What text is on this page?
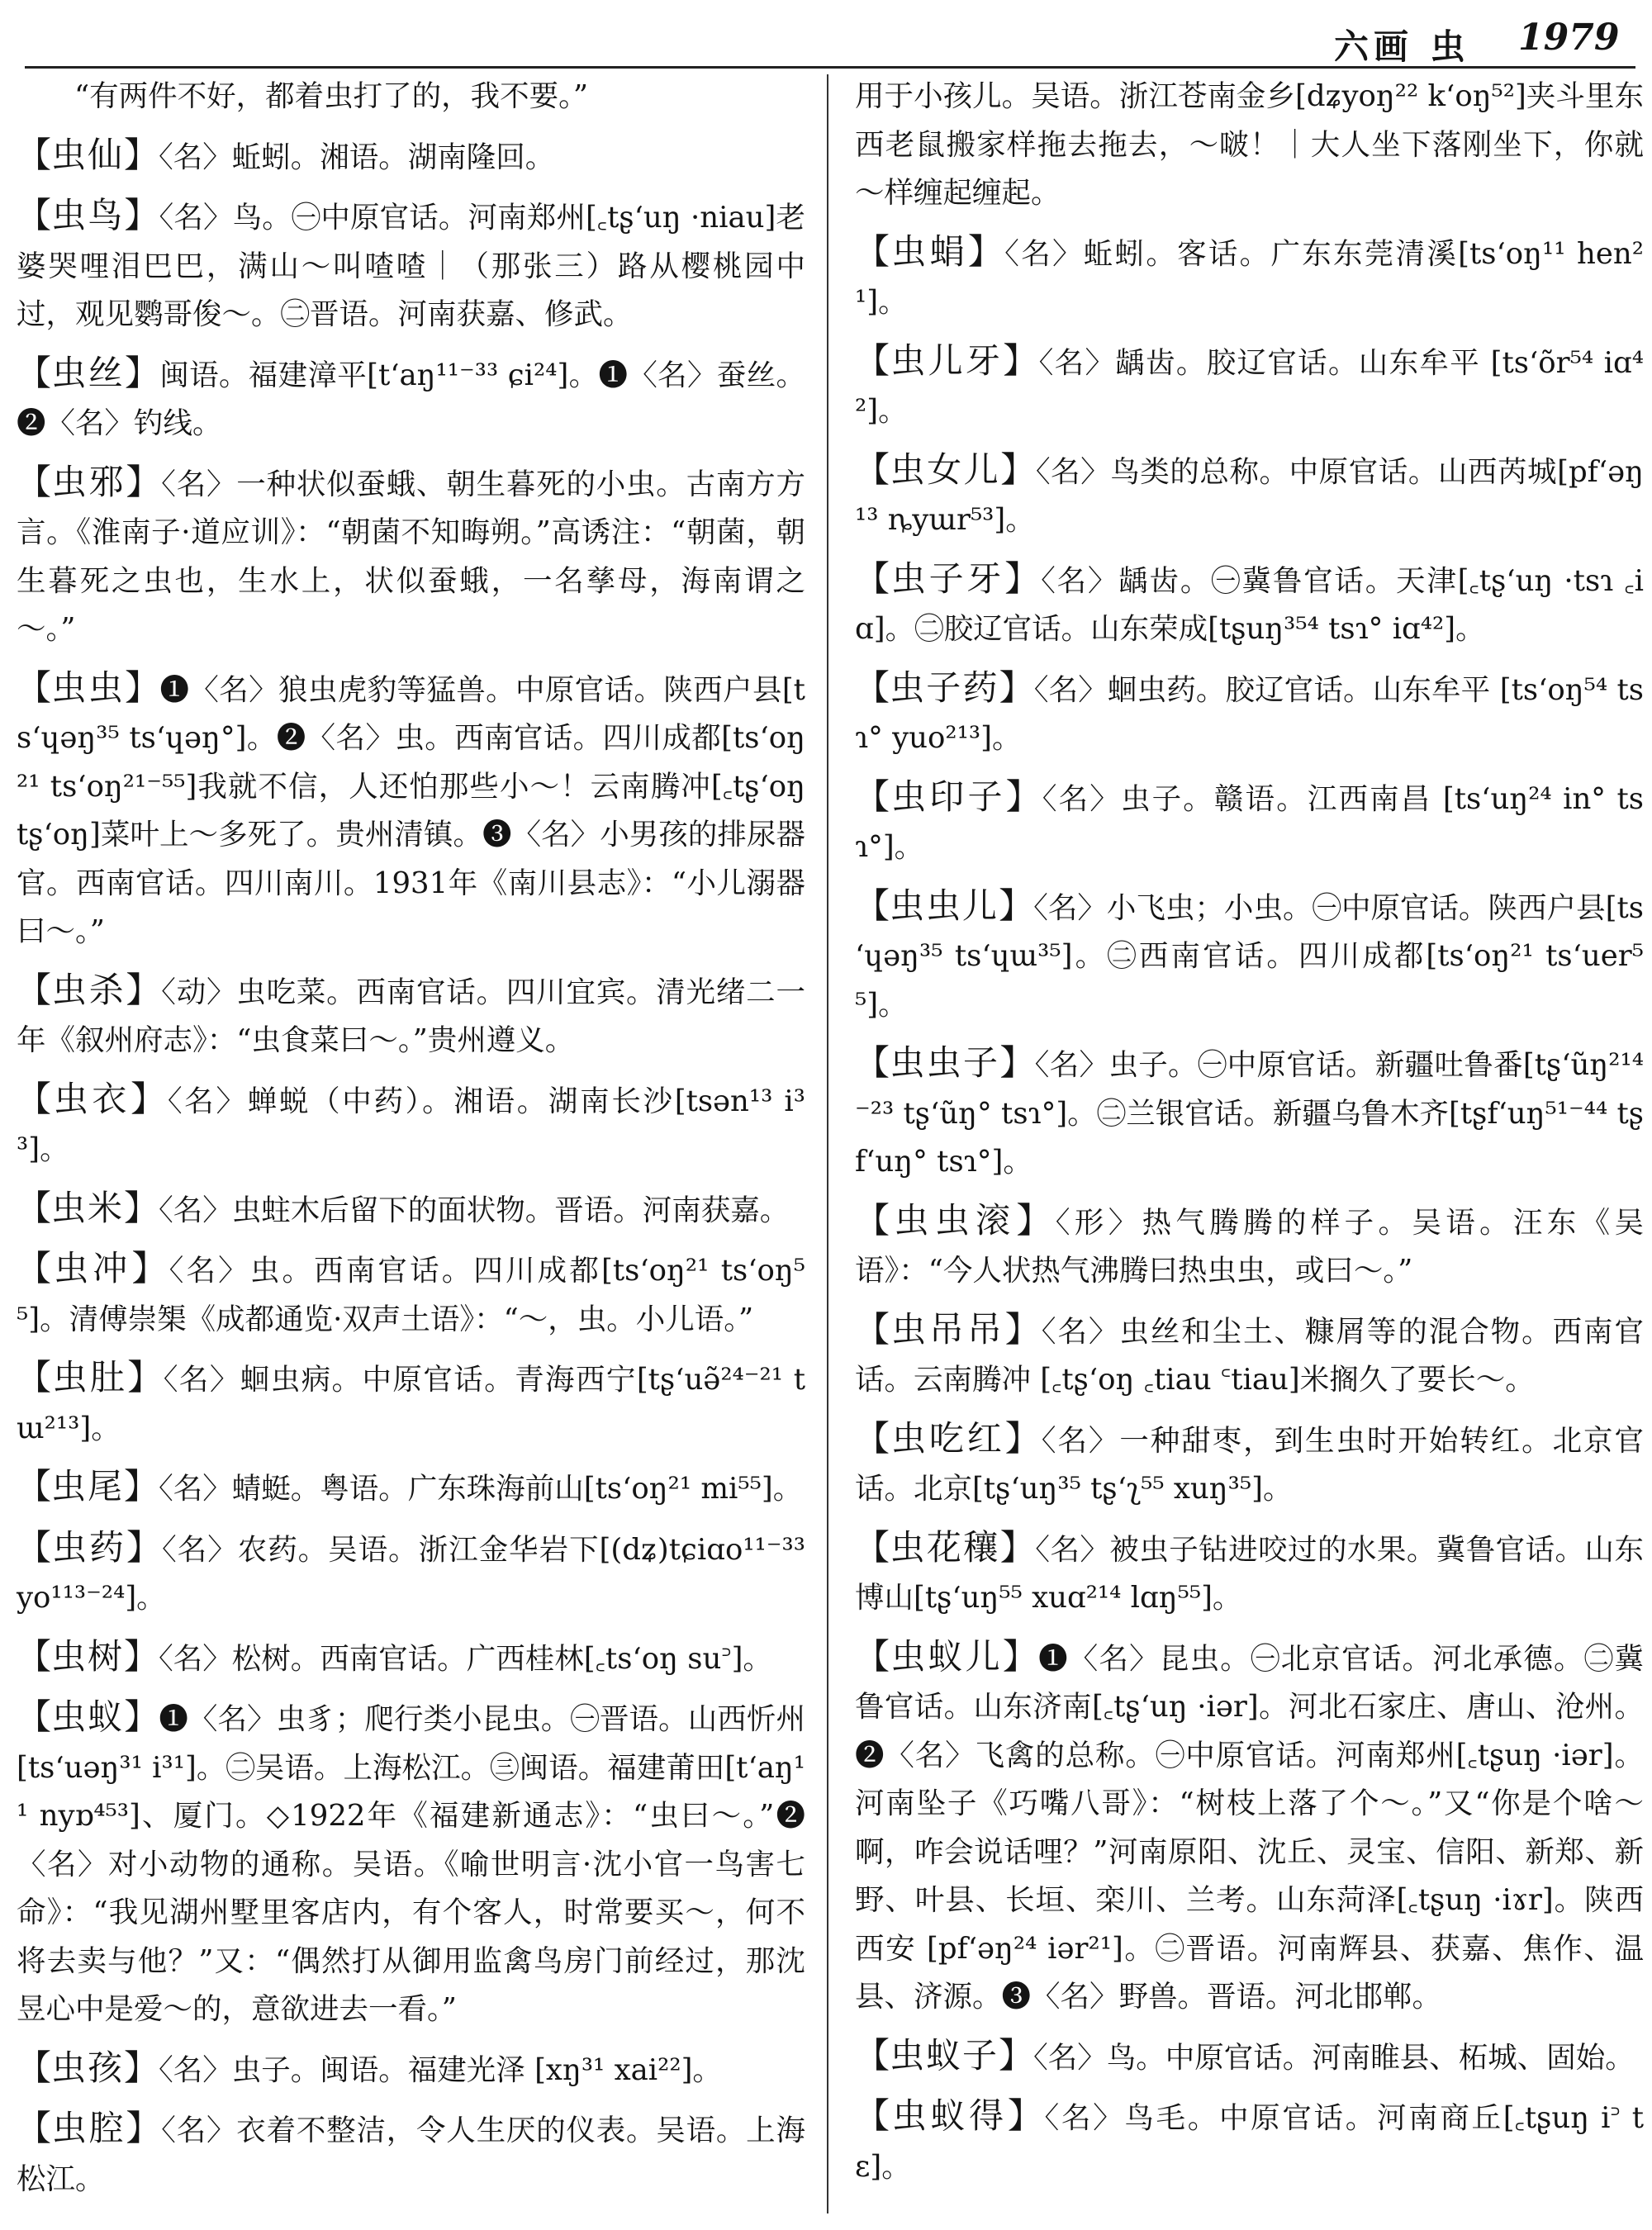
六画 虫 1979

“有两件不好，都着虫打了的，我不要。”

【虫仙】〈名〉蚯蚓。湘语。湖南隆回。

【虫鸟】〈名〉鸟。㊀中原官话。河南郑州[꜀tʂʻuŋ ·niau]老婆哭哩泪巴巴，满山～叫喳喳｜（那张三）路从樱桃园中过，观见鹦哥俊～。㊁晋语。河南获嘉、修武。

【虫丝】闽语。福建漳平[tʻaŋ¹¹⁻³³ ɕi²⁴]。❶〈名〉蚕丝。❷〈名〉钓线。

【虫邪】〈名〉一种状似蚕蛾、朝生暮死的小虫。古南方方言。《淮南子·道应训》：“朝菌不知晦朔。”高诱注：“朝菌，朝生暮死之虫也，生水上，状似蚕蛾，一名孳母，海南谓之～。”

【虫虫】❶〈名〉狼虫虎豹等猛兽。中原官话。陕西户县[tsʻɥəŋ³⁵ tsʻɥəŋ°]。❷〈名〉虫。西南官话。四川成都[tsʻoŋ²¹ tsʻoŋ²¹⁻⁵⁵]我就不信，人还怕那些小～！云南腾冲[꜀tʂʻoŋ tʂʻoŋ]菜叶上～多死了。贵州清镇。❸〈名〉小男孩的排尿器官。西南官话。四川南川。1931年《南川县志》：“小儿溺器曰～。”

【虫杀】〈动〉虫吃菜。西南官话。四川宜宾。清光绪二一年《叙州府志》：“虫食菜曰～。”贵州遵义。

【虫衣】〈名〉蝉蜕（中药）。湘语。湖南长沙[tsən¹³ i³³]。

【虫米】〈名〉虫蛀木后留下的面状物。晋语。河南获嘉。

【虫冲】〈名〉虫。西南官话。四川成都[tsʻoŋ²¹ tsʻoŋ⁵⁵]。清傅崇榘《成都通览·双声土语》：“～，虫。小儿语。”

【虫肚】〈名〉蛔虫病。中原官话。青海西宁[tʂʻuə̃²⁴⁻²¹ tɯ²¹³]。

【虫尾】〈名〉蜻蜓。粤语。广东珠海前山[tsʻoŋ²¹ mi⁵⁵]。

【虫药】〈名〉农药。吴语。浙江金华岩下[(dʑ)tɕiɑo¹¹⁻³³ yo¹¹³⁻²⁴]。

【虫树】〈名〉松树。西南官话。广西桂林[꜀tsʻoŋ su꜄]。

【虫蚁】❶〈名〉虫豸；爬行类小昆虫。㊀晋语。山西忻州[tsʻuəŋ³¹ i³¹]。㊁吴语。上海松江。㊂闽语。福建莆田[tʻaŋ¹¹ nyɒ⁴⁵³]、厦门。◇1922年《福建新通志》：“虫曰～。”❷〈名〉对小动物的通称。吴语。《喻世明言·沈小官一鸟害七命》：“我见湖州墅里客店内，有个客人，时常要买～，何不将去卖与他？”又：“偶然打从御用监禽鸟房门前经过，那沈昱心中是爱～的，意欲进去一看。”

【虫孩】〈名〉虫子。闽语。福建光泽 [xŋ³¹ xai²²]。

【虫腔】〈名〉衣着不整洁，令人生厌的仪表。吴语。上海松江。

用于小孩儿。吴语。浙江苍南金乡[dʑyoŋ²² kʻoŋ⁵²]夹斗里东西老鼠搬家样拖去拖去，～啵！｜大人坐下落刚坐下，你就～样缠起缠起。

【虫蜎】〈名〉蚯蚓。客话。广东东莞清溪[tsʻoŋ¹¹ hen²¹]。

【虫儿牙】〈名〉龋齿。胶辽官话。山东牟平 [tsʻõr⁵⁴ iɑ⁴²]。

【虫女儿】〈名〉鸟类的总称。中原官话。山西芮城[pfʻəŋ¹³ ȵyɯr⁵³]。

【虫子牙】〈名〉龋齿。㊀冀鲁官话。天津[꜀tʂʻuŋ ·tsɿ ꜀iɑ]。㊁胶辽官话。山东荣成[tʂuŋ³⁵⁴ tsɿ° iɑ⁴²]。

【虫子药】〈名〉蛔虫药。胶辽官话。山东牟平 [tsʻoŋ⁵⁴ tsɿ° yuo²¹³]。

【虫印子】〈名〉虫子。赣语。江西南昌 [tsʻuŋ²⁴ in° tsɿ°]。

【虫虫儿】〈名〉小飞虫；小虫。㊀中原官话。陕西户县[tsʻɥəŋ³⁵ tsʻɥɯ³⁵]。㊁西南官话。四川成都[tsʻoŋ²¹ tsʻuer⁵⁵]。

【虫虫子】〈名〉虫子。㊀中原官话。新疆吐鲁番[tʂʻũŋ²¹⁴⁻²³ tʂʻũŋ° tsɿ°]。㊁兰银官话。新疆乌鲁木齐[tʂfʻuŋ⁵¹⁻⁴⁴ tʂfʻuŋ° tsɿ°]。

【虫虫滚】〈形〉热气腾腾的样子。吴语。汪东《吴语》：“今人状热气沸腾曰热虫虫，或曰～。”

【虫吊吊】〈名〉虫丝和尘土、糠屑等的混合物。西南官话。云南腾冲 [꜀tʂʻoŋ ꜀tiau ꜂tiau]米搁久了要长～。

【虫吃红】〈名〉一种甜枣，到生虫时开始转红。北京官话。北京[tʂʻuŋ³⁵ tʂʻʅ⁵⁵ xuŋ³⁵]。

【虫花穰】〈名〉被虫子钻进咬过的水果。冀鲁官话。山东博山[tʂʻuŋ⁵⁵ xuɑ²¹⁴ lɑŋ⁵⁵]。

【虫蚁儿】❶〈名〉昆虫。㊀北京官话。河北承德。㊁冀鲁官话。山东济南[꜀tʂʻuŋ ·iər]。河北石家庄、唐山、沧州。❷〈名〉飞禽的总称。㊀中原官话。河南郑州[꜀tʂuŋ ·iər]。河南坠子《巧嘴八哥》：“树枝上落了个～。”又“你是个啥～啊，咋会说话哩？”河南原阳、沈丘、灵宝、信阳、新郑、新野、叶县、长垣、栾川、兰考。山东菏泽[꜀tʂuŋ ·iɤr]。陕西西安 [pfʻəŋ²⁴ iər²¹]。㊁晋语。河南辉县、获嘉、焦作、温县、济源。❸〈名〉野兽。晋语。河北邯郸。

【虫蚁子】〈名〉鸟。中原官话。河南睢县、柘城、固始。

【虫蚁得】〈名〉鸟毛。中原官话。河南商丘[꜀tʂuŋ i꜄ tɛ]。
